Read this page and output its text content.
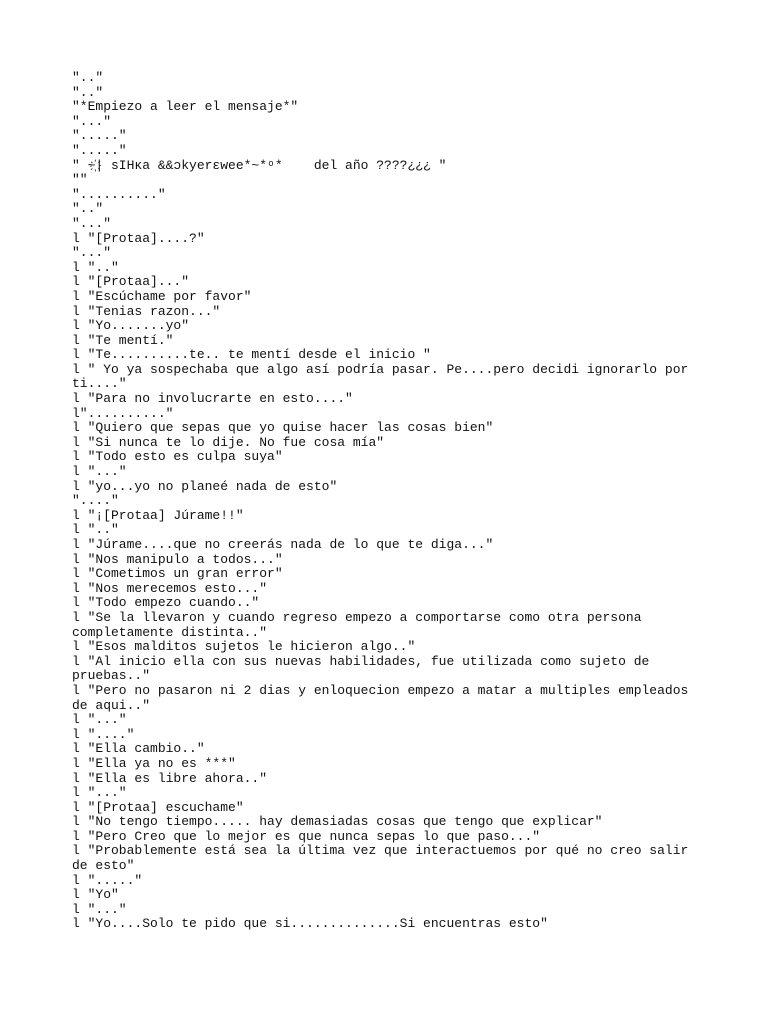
".."
".."
"*Empiezo a leer el mensaje*"
"..."
"....."
"....."
" ~҉| sIHκa &&ɔkyerɛwee*~*ᵒ*    del año ????¿¿¿ "
""
".........."
".."
"..."
l "[Protaa]....?"
"..."
l ".."
l "[Protaa]..."
l "Escúchame por favor"
l "Tenias razon..."
l "Yo.......yo"
l "Te mentí."
l "Te..........te.. te mentí desde el inicio "
l " Yo ya sospechaba que algo así podría pasar. Pe....pero decidi ignorarlo por ti...."
l "Para no involucrarte en esto...."
l".........."
l "Quiero que sepas que yo quise hacer las cosas bien"
l "Si nunca te lo dije. No fue cosa mía"
l "Todo esto es culpa suya"
l "..."
l "yo...yo no planeé nada de esto"
"...."
l "¡[Protaa] Júrame!!"
l ".."
l "Júrame....que no creerás nada de lo que te diga..."
l "Nos manipulo a todos..."
l "Cometimos un gran error"
l "Nos merecemos esto..."
l "Todo empezo cuando.."
l "Se la llevaron y cuando regreso empezo a comportarse como otra persona completamente distinta.."
l "Esos malditos sujetos le hicieron algo.."
l "Al inicio ella con sus nuevas habilidades, fue utilizada como sujeto de pruebas.."
l "Pero no pasaron ni 2 dias y enloquecion empezo a matar a multiples empleados de aqui.."
l "..."
l "...."
l "Ella cambio.."
l "Ella ya no es ***"
l "Ella es libre ahora.."
l "..."
l "[Protaa] escuchame"
l "No tengo tiempo..... hay demasiadas cosas que tengo que explicar"
l "Pero Creo que lo mejor es que nunca sepas lo que paso..."
l "Probablemente está sea la última vez que interactuemos por qué no creo salir de esto"
l "....."
l "Yo"
l "..."
l "Yo....Solo te pido que si..............Si encuentras esto"
